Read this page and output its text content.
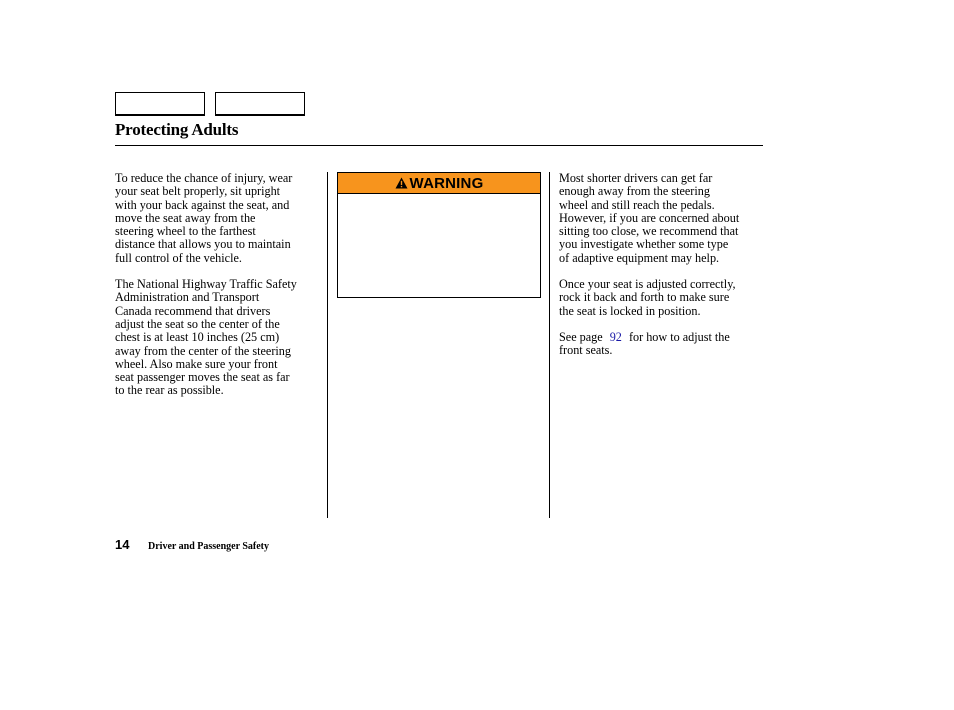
Protecting Adults

To reduce the chance of injury, wear
your seat belt properly, sit upright
with your back against the seat, and
move the seat away from the
steering wheel to the farthest
distance that allows you to maintain
full control of the vehicle.

The National Highway Traffic Safety
Administration and Transport
Canada recommend that drivers
adjust the seat so the center of the
chest is at least 10 inches (25 cm)
away from the center of the steering
wheel. Also make sure your front
seat passenger moves the seat as far
to the rear as possible.

WARNING	Most shorter drivers can get far
enough away from the steering
wheel and still reach the pedals.
However, if you are concerned about
sitting too close, we recommend that
you investigate whether some type
of adaptive equipment may help.

Once your seat is adjusted correctly,
rock it back and forth to make sure
the seat is locked in position.

See page 92 for how to adjust the
front seats.

14 Driver and Passenger Safety
